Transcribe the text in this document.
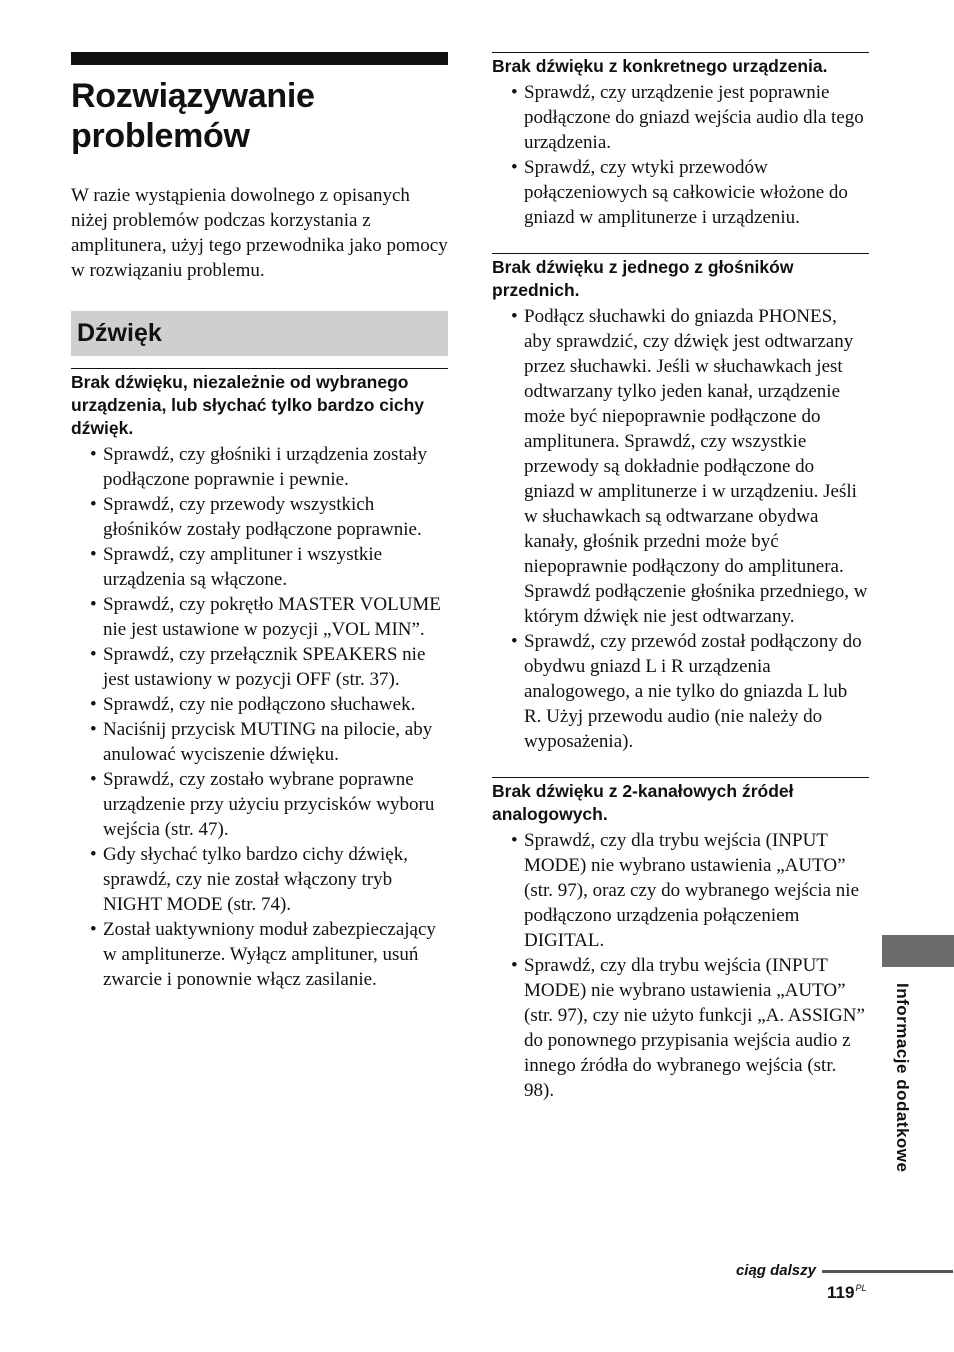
Rozwiązywanie problemów

W razie wystąpienia dowolnego z opisanych niżej problemów podczas korzystania z amplitunera, użyj tego przewodnika jako pomocy w rozwiązaniu problemu.

Dźwięk
Brak dźwięku, niezależnie od wybranego urządzenia, lub słychać tylko bardzo cichy dźwięk.
• Sprawdź, czy głośniki i urządzenia zostały podłączone poprawnie i pewnie.
• Sprawdź, czy przewody wszystkich głośników zostały podłączone poprawnie.
• Sprawdź, czy amplituner i wszystkie urządzenia są włączone.
• Sprawdź, czy pokrętło MASTER VOLUME nie jest ustawione w pozycji „VOL MIN”.
• Sprawdź, czy przełącznik SPEAKERS nie jest ustawiony w pozycji OFF (str. 37).
• Sprawdź, czy nie podłączono słuchawek.
• Naciśnij przycisk MUTING na pilocie, aby anulować wyciszenie dźwięku.
• Sprawdź, czy zostało wybrane poprawne urządzenie przy użyciu przycisków wyboru wejścia (str. 47).
• Gdy słychać tylko bardzo cichy dźwięk, sprawdź, czy nie został włączony tryb NIGHT MODE (str. 74).
• Został uaktywniony moduł zabezpieczający w amplitunerze. Wyłącz amplituner, usuń zwarcie i ponownie włącz zasilanie.
Brak dźwięku z konkretnego urządzenia.
• Sprawdź, czy urządzenie jest poprawnie podłączone do gniazd wejścia audio dla tego urządzenia.
• Sprawdź, czy wtyki przewodów połączeniowych są całkowicie włożone do gniazd w amplitunerze i urządzeniu.
Brak dźwięku z jednego z głośników przednich.
• Podłącz słuchawki do gniazda PHONES, aby sprawdzić, czy dźwięk jest odtwarzany przez słuchawki. Jeśli w słuchawkach jest odtwarzany tylko jeden kanał, urządzenie może być niepoprawnie podłączone do amplitunera. Sprawdź, czy wszystkie przewody są dokładnie podłączone do gniazd w amplitunerze i w urządzeniu. Jeśli w słuchawkach są odtwarzane obydwa kanały, głośnik przedni może być niepoprawnie podłączony do amplitunera. Sprawdź podłączenie głośnika przedniego, w którym dźwięk nie jest odtwarzany.
• Sprawdź, czy przewód został podłączony do obydwu gniazd L i R urządzenia analogowego, a nie tylko do gniazda L lub R. Użyj przewodu audio (nie należy do wyposażenia).
Brak dźwięku z 2-kanałowych źródeł analogowych.
• Sprawdź, czy dla trybu wejścia (INPUT MODE) nie wybrano ustawienia „AUTO” (str. 97), oraz czy do wybranego wejścia nie podłączono urządzenia połączeniem DIGITAL.
• Sprawdź, czy dla trybu wejścia (INPUT MODE) nie wybrano ustawienia „AUTO” (str. 97), czy nie użyto funkcji „A. ASSIGN” do ponownego przypisania wejścia audio z innego źródła do wybranego wejścia (str. 98).	Informacje dodatkowe
ciąg dalszy
$119^{PL}$
